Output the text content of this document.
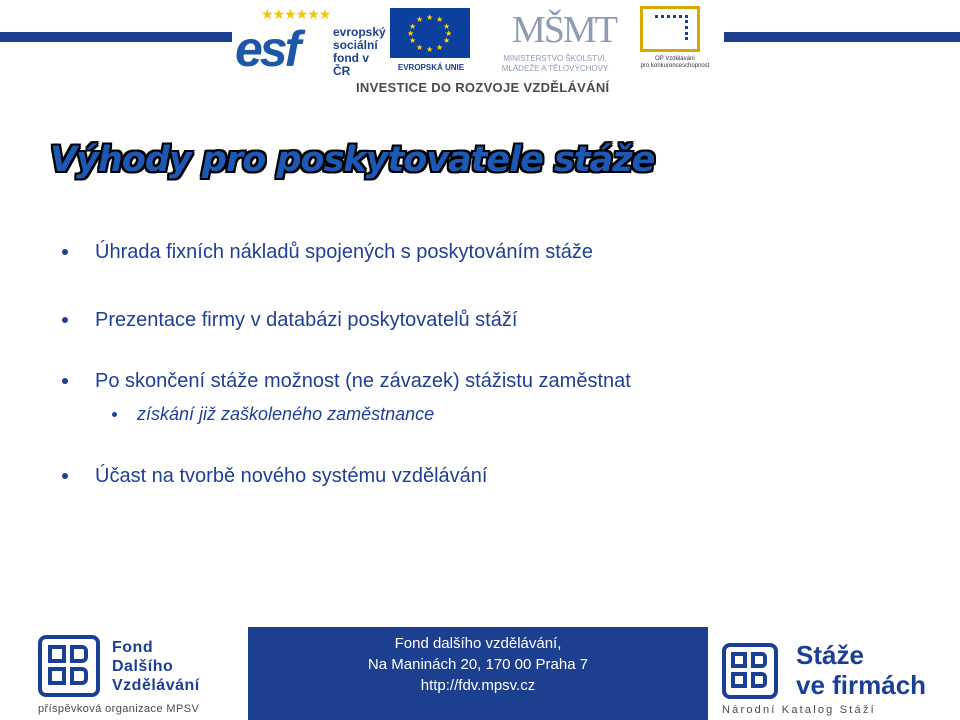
★★★★★★
esf	evropský
sociální
fond v ČR
★ ★
★
★
★
★
★
★
★
★
★
★
EVROPSKÁ UNIE
MŠMT
MINISTERSTVO ŠKOLSTVÍ,
MLÁDEŽE A TĚLOVÝCHOVY
OP Vzdělávání
pro konkurenceschopnost
INVESTICE DO ROZVOJE VZDĚLÁVÁNÍ
Výhody pro poskytovatele stáže
Úhrada fixních nákladů spojených s poskytováním stáže
Prezentace firmy v databázi poskytovatelů stáží
Po skončení stáže možnost (ne závazek) stážistu zaměstnat
získání již zaškoleného zaměstnance
Účast na tvorbě nového systému vzdělávání
Fond
Dalšího
Vzdělávání
příspěvková organizace MPSV
Fond dalšího vzdělávání,
Na Maninách 20, 170 00 Praha 7
http://fdv.mpsv.cz
Stáže
ve firmách
Národní Katalog Stáží
